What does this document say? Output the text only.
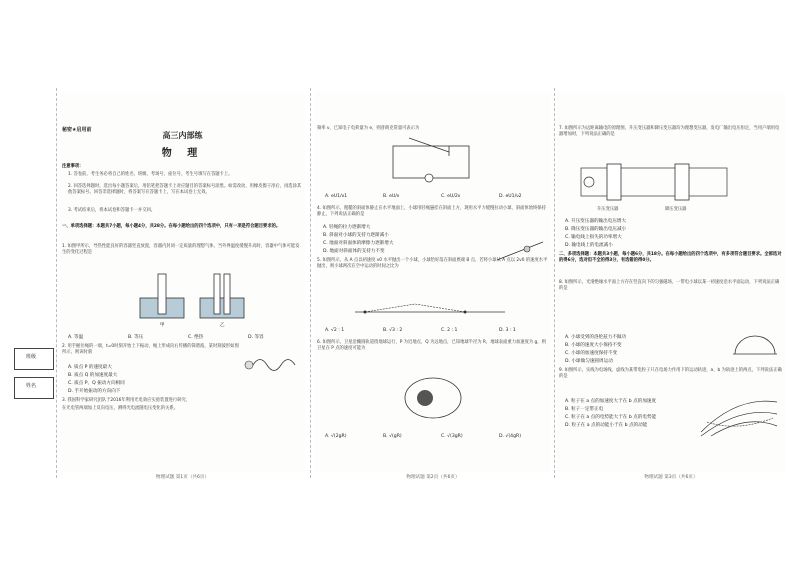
班级
姓名
秘密★启用前
高三内部练
物 理
注意事项：
1. 答卷前，考生务必将自己的姓名、班级、考场号、座位号、考生号填写在答题卡上。
2. 回答选择题时，选出每小题答案后，用铅笔把答题卡上对应题目的答案标号涂黑。如需改动，用橡皮擦干净后，再选涂其他答案标号。回答非选择题时，将答案写在答题卡上，写在本试卷上无效。
3. 考试结束后，将本试卷和答题卡一并交回。
一、单项选择题：本题共7小题，每小题4分，共28分。在每小题给出的四个选项中，只有一项是符合题目要求的。
1. 如图甲所示，导热性能良好的容器竖直放置，容器内封闭一定质量的理想气体，当外界温度缓慢升高时，容器中气体可能发生的变化过程是
甲	乙
A. 等温	B. 等压	C. 绝热	D. 等容
2. 用手握住绳的一端，t=0时刻开始上下振动，绳上形成向右传播的简谐波，某时刻波形如图所示，则该时刻
A. 质点 P 的速度最大
B. 质点 Q 的加速度最大
C. 质点 P、Q 振动方向相同
D. 手开始振动的方向向下
3. 我国科学家研究团队于2016年利用光电效应实验装置进行研究，
在光电管两端加上反向电压，测得光电流随电压变化的关系。
物理试题 第1页（共6页）
频率 ν，已知电子电荷量为 e，则普朗克常量可表示为
A. eU1/ν1	B. eU/ν	C. eU/2ν	D. eU1/ν2
4. 如图所示，粗糙的斜面体静止在水平地面上，小球用轻绳悬挂在斜面上方，现用水平力缓慢拉动小球，斜面体始终保持静止，下列说法正确的是
A. 轻绳的拉力逐渐增大
B. 斜面对小球的支持力逐渐减小
C. 地面对斜面体的摩擦力逐渐增大
D. 地面对斜面体的支持力不变
5. 如图所示，从 A 点以初速度 v0 水平抛出一个小球，小球恰好落在斜面底端 B 点，若将小球从 A 点以 2v0 的速度水平抛出，则小球两次在空中运动的时间之比为
A. √2 : 1	B. √3 : 2	C. 2 : 1	D. 3 : 1
6. 如图所示，卫星沿椭圆轨道绕地球运行，P 为近地点，Q 为远地点，已知地球半径为 R，地球表面重力加速度为 g，则卫星在 P 点的速度可能为
A. √(2gR)	B. √(gR)	C. √(3gR)	D. √(4gR)
物理试题 第2页（共6页）
7. 如图所示为远距离输电的原理图，升压变压器和降压变压器均为理想变压器，发电厂输出电压恒定，当用户端用电器增加时，下列说法正确的是
升压变压器	降压变压器
A. 升压变压器的输出电压增大
B. 降压变压器的输出电压减小
C. 输电线上损失的功率增大
D. 输电线上的电流减小
二、多项选择题：本题共3小题，每小题6分，共18分。在每小题给出的四个选项中，有多项符合题目要求。全部选对的得6分，选对但不全的得3分，有选错的得0分。
8. 如图所示，光滑绝缘水平面上方存在竖直向下的匀强磁场，一带电小球以某一初速度沿水平面运动，下列说法正确的是
A. 小球受到的洛伦兹力不做功
B. 小球的速度大小保持不变
C. 小球的加速度保持不变
D. 小球做匀速圆周运动
9. 如图所示，实线为电场线，虚线为某带电粒子只在电场力作用下的运动轨迹，a、b 为轨迹上的两点，下列说法正确的是
A. 粒子在 a 点的加速度大于在 b 点的加速度
B. 粒子一定带正电
C. 粒子在 a 点的电势能大于在 b 点的电势能
D. 粒子在 a 点的动能小于在 b 点的动能
物理试题 第3页（共6页）
